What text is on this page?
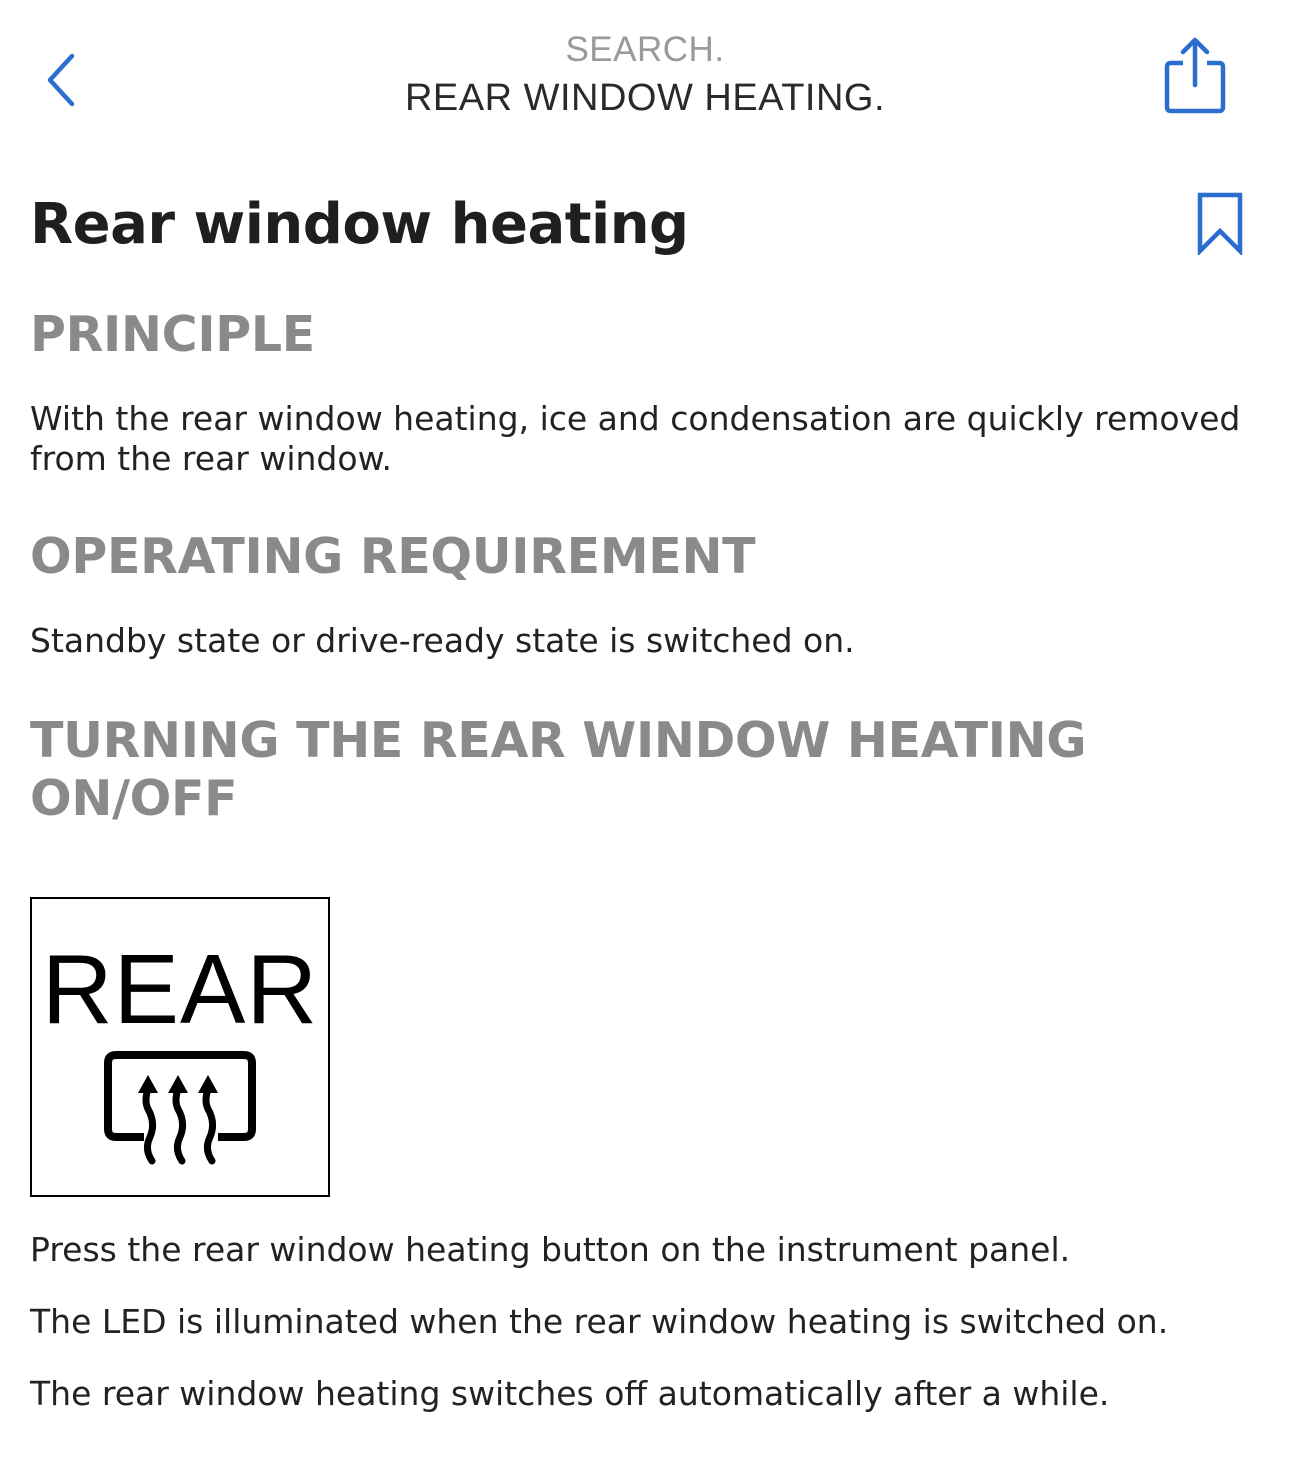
SEARCH.
REAR WINDOW HEATING.
Rear window heating
PRINCIPLE
With the rear window heating, ice and condensation are quickly removed from the rear window.
OPERATING REQUIREMENT
Standby state or drive-ready state is switched on.
TURNING THE REAR WINDOW HEATING ON/OFF
REAR
Press the rear window heating button on the instrument panel.
The LED is illuminated when the rear window heating is switched on.
The rear window heating switches off automatically after a while.
